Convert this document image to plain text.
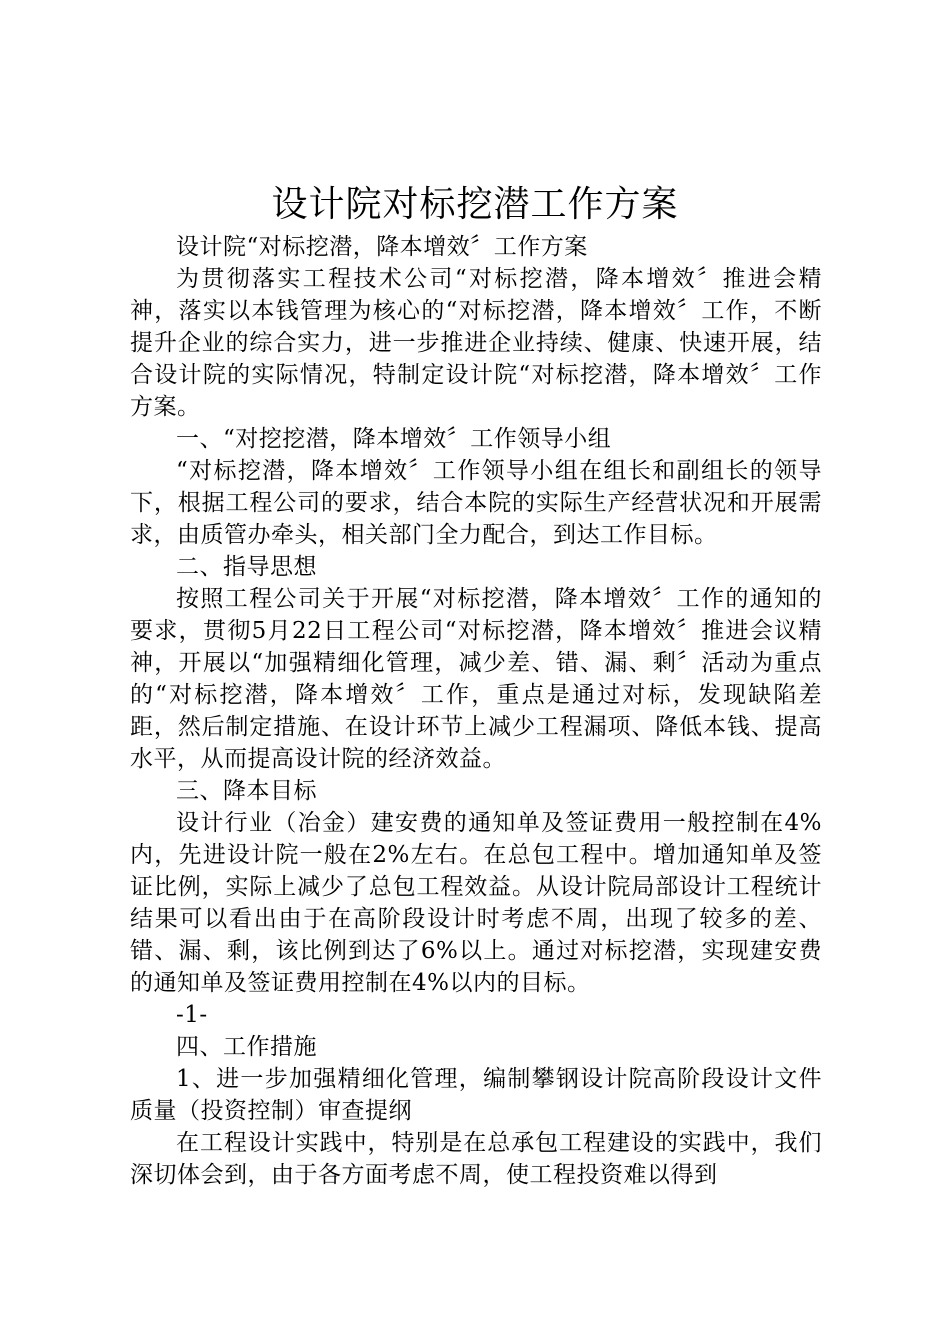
设计院对标挖潜工作方案

设计院“对标挖潜，降本增效〞工作方案

为贯彻落实工程技术公司“对标挖潜，降本增效〞推进会精神，落实以本钱管理为核心的“对标挖潜，降本增效〞工作，不断提升企业的综合实力，进一步推进企业持续、健康、快速开展，结合设计院的实际情况，特制定设计院“对标挖潜，降本增效〞工作方案。

一、“对挖挖潜，降本增效〞工作领导小组

“对标挖潜，降本增效〞工作领导小组在组长和副组长的领导下，根据工程公司的要求，结合本院的实际生产经营状况和开展需求，由质管办牵头，相关部门全力配合，到达工作目标。

二、指导思想

按照工程公司关于开展“对标挖潜，降本增效〞工作的通知的要求，贯彻5月22日工程公司“对标挖潜，降本增效〞推进会议精神，开展以“加强精细化管理，减少差、错、漏、剩〞活动为重点的“对标挖潜，降本增效〞工作，重点是通过对标，发现缺陷差距，然后制定措施、在设计环节上减少工程漏项、降低本钱、提高水平，从而提高设计院的经济效益。

三、降本目标

设计行业（冶金）建安费的通知单及签证费用一般控制在4%内，先进设计院一般在2%左右。在总包工程中。增加通知单及签证比例，实际上减少了总包工程效益。从设计院局部设计工程统计结果可以看出由于在高阶段设计时考虑不周，出现了较多的差、错、漏、剩，该比例到达了6%以上。通过对标挖潜，实现建安费的通知单及签证费用控制在4%以内的目标。

-1-

四、工作措施

1、进一步加强精细化管理，编制攀钢设计院高阶段设计文件质量（投资控制）审查提纲

在工程设计实践中，特别是在总承包工程建设的实践中，我们深切体会到，由于各方面考虑不周，使工程投资难以得到
